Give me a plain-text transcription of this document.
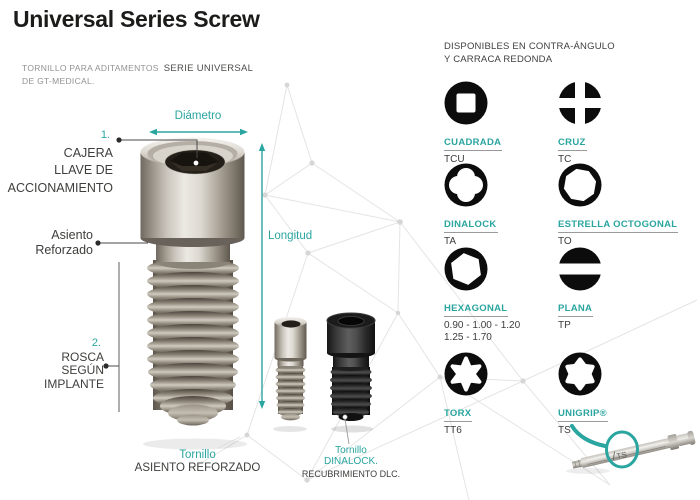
TS
Universal Series Screw
TORNILLO PARA ADITAMENTOS SERIE UNIVERSAL
DE GT-MEDICAL.
Diámetro
Longitud
1.
CAJERA
LLAVE DE
ACCIONAMIENTO
Asiento
Reforzado
2.
ROSCA
SEGÚN
IMPLANTE
Tornillo
ASIENTO REFORZADO
Tornillo
DINALOCK.
RECUBRIMIENTO DLC.
DISPONIBLES EN CONTRA-ÁNGULO
Y CARRACA REDONDA
CUADRADA
TCU
CRUZ
TC
DINALOCK
TA
ESTRELLA OCTOGONAL
TO
HEXAGONAL
0.90 - 1.00 - 1.20
1.25 - 1.70
PLANA
TP
TORX
TT6
UNIGRIP®
TS
